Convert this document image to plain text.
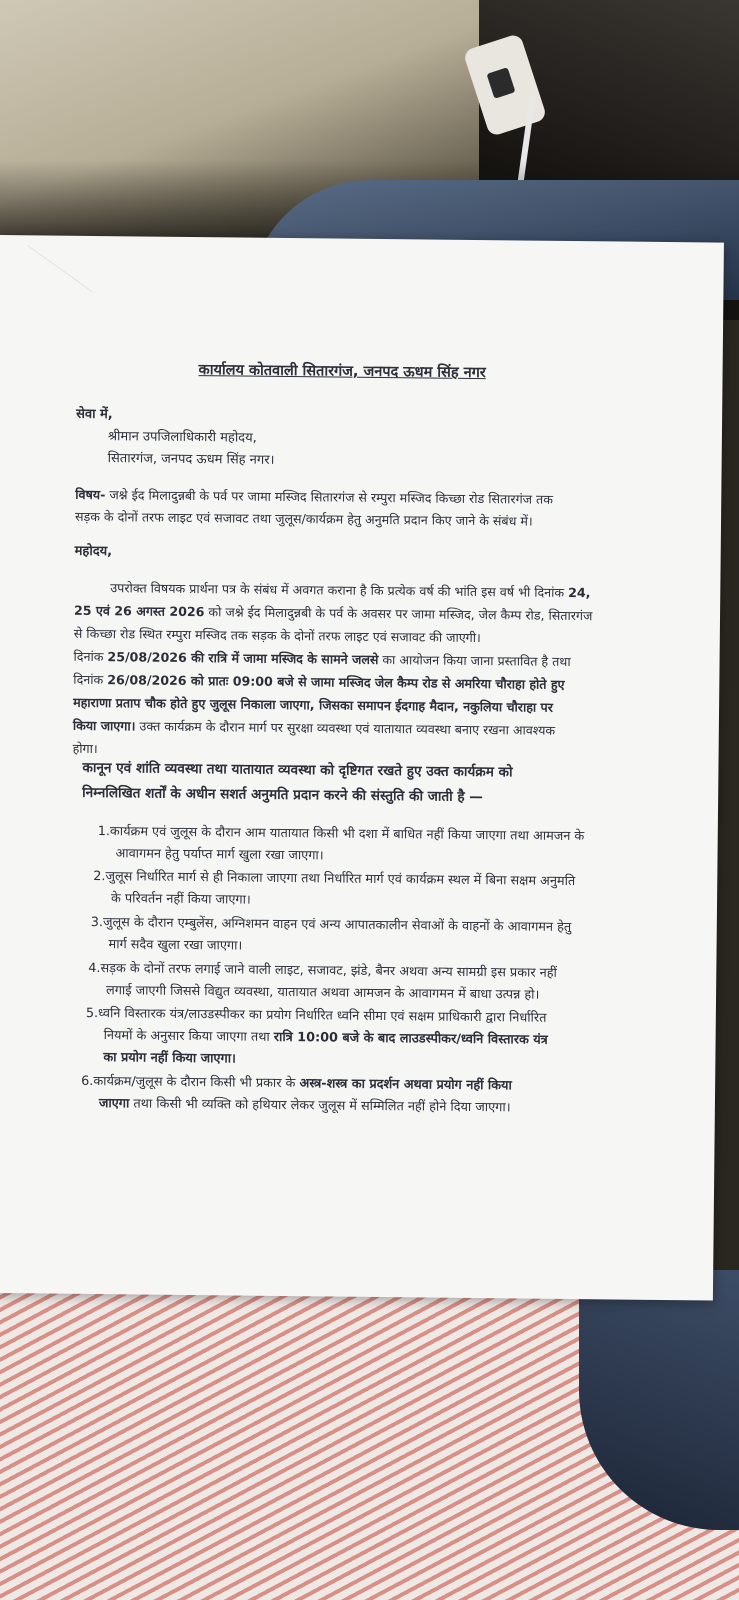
कार्यालय कोतवाली सितारगंज, जनपद ऊधम सिंह नगर
सेवा में,
श्रीमान उपजिलाधिकारी महोदय,
सितारगंज, जनपद ऊधम सिंह नगर।
विषय- जश्ने ईद मिलादुन्नबी के पर्व पर जामा मस्जिद सितारगंज से रम्पुरा मस्जिद किच्छा रोड सितारगंज तक
सड़क के दोनों तरफ लाइट एवं सजावट तथा जुलूस/कार्यक्रम हेतु अनुमति प्रदान किए जाने के संबंध में।
महोदय,
उपरोक्त विषयक प्रार्थना पत्र के संबंध में अवगत कराना है कि प्रत्येक वर्ष की भांति इस वर्ष भी दिनांक 24,
25 एवं 26 अगस्त 2026 को जश्ने ईद मिलादुन्नबी के पर्व के अवसर पर जामा मस्जिद, जेल कैम्प रोड, सितारगंज
से किच्छा रोड स्थित रम्पुरा मस्जिद तक सड़क के दोनों तरफ लाइट एवं सजावट की जाएगी।
दिनांक 25/08/2026 की रात्रि में जामा मस्जिद के सामने जलसे का आयोजन किया जाना प्रस्तावित है तथा
दिनांक 26/08/2026 को प्रातः 09:00 बजे से जामा मस्जिद जेल कैम्प रोड से अमरिया चौराहा होते हुए
महाराणा प्रताप चौक होते हुए जुलूस निकाला जाएगा, जिसका समापन ईदगाह मैदान, नकुलिया चौराहा पर
किया जाएगा। उक्त कार्यक्रम के दौरान मार्ग पर सुरक्षा व्यवस्था एवं यातायात व्यवस्था बनाए रखना आवश्यक
होगा।
कानून एवं शांति व्यवस्था तथा यातायात व्यवस्था को दृष्टिगत रखते हुए उक्त कार्यक्रम को
निम्नलिखित शर्तों के अधीन सशर्त अनुमति प्रदान करने की संस्तुति की जाती है —
1.कार्यक्रम एवं जुलूस के दौरान आम यातायात किसी भी दशा में बाधित नहीं किया जाएगा तथा आमजन के
आवागमन हेतु पर्याप्त मार्ग खुला रखा जाएगा।
2.जुलूस निर्धारित मार्ग से ही निकाला जाएगा तथा निर्धारित मार्ग एवं कार्यक्रम स्थल में बिना सक्षम अनुमति
के परिवर्तन नहीं किया जाएगा।
3.जुलूस के दौरान एम्बुलेंस, अग्निशमन वाहन एवं अन्य आपातकालीन सेवाओं के वाहनों के आवागमन हेतु
मार्ग सदैव खुला रखा जाएगा।
4.सड़क के दोनों तरफ लगाई जाने वाली लाइट, सजावट, झंडे, बैनर अथवा अन्य सामग्री इस प्रकार नहीं
लगाई जाएगी जिससे विद्युत व्यवस्था, यातायात अथवा आमजन के आवागमन में बाधा उत्पन्न हो।
5.ध्वनि विस्तारक यंत्र/लाउडस्पीकर का प्रयोग निर्धारित ध्वनि सीमा एवं सक्षम प्राधिकारी द्वारा निर्धारित
नियमों के अनुसार किया जाएगा तथा रात्रि 10:00 बजे के बाद लाउडस्पीकर/ध्वनि विस्तारक यंत्र
का प्रयोग नहीं किया जाएगा।
6.कार्यक्रम/जुलूस के दौरान किसी भी प्रकार के अस्त्र-शस्त्र का प्रदर्शन अथवा प्रयोग नहीं किया
जाएगा तथा किसी भी व्यक्ति को हथियार लेकर जुलूस में सम्मिलित नहीं होने दिया जाएगा।
